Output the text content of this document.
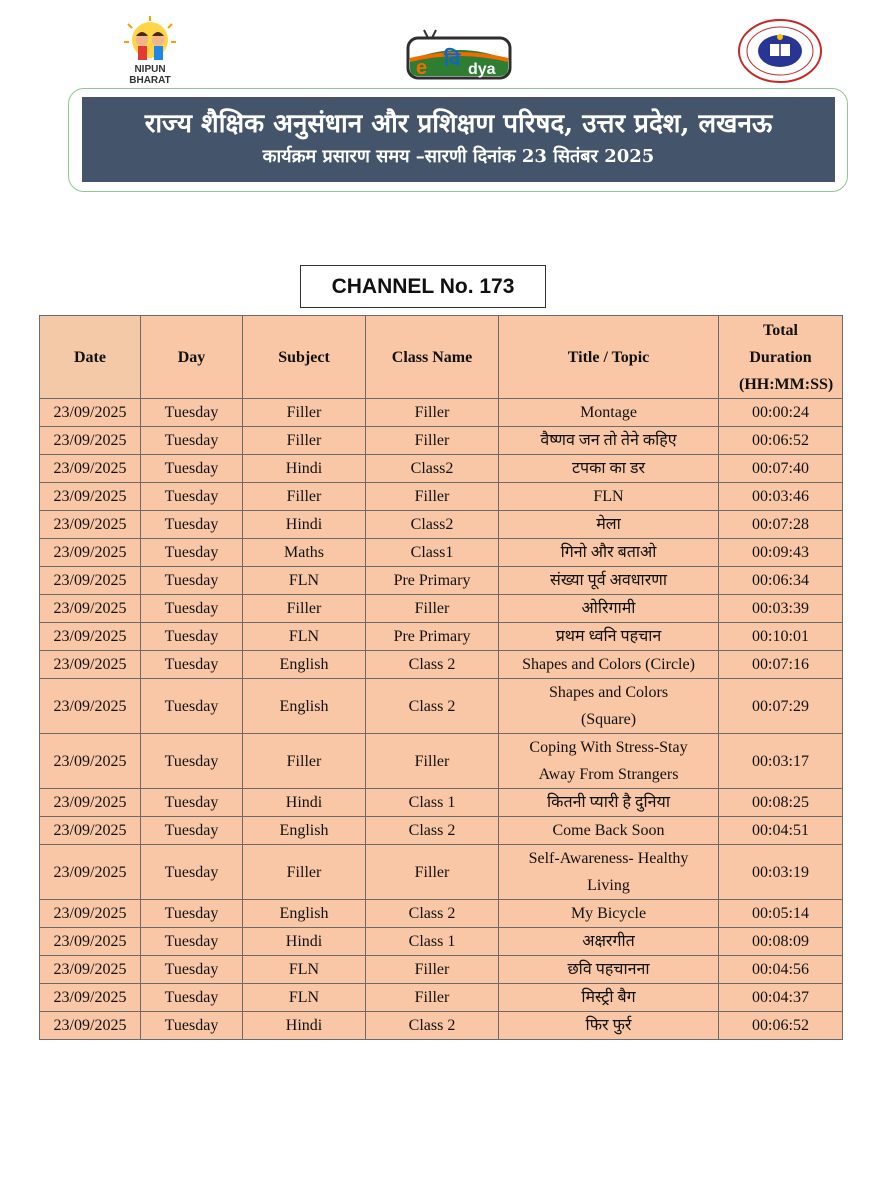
NIPUN
BHARAT
e वि dya
राज्य शैक्षिक अनुसंधान और प्रशिक्षण परिषद, उत्तर प्रदेश, लखनऊ
कार्यक्रम प्रसारण समय –सारणी दिनांक 23 सितंबर 2025
CHANNEL No. 173
Date	Day	Subject	Class Name	Title / Topic	Total Duration (HH:MM:SS)
23/09/2025	Tuesday	Filler	Filler	Montage	00:00:24
23/09/2025	Tuesday	Filler	Filler	वैष्णव जन तो तेने कहिए	00:06:52
23/09/2025	Tuesday	Hindi	Class2	टपका का डर	00:07:40
23/09/2025	Tuesday	Filler	Filler	FLN	00:03:46
23/09/2025	Tuesday	Hindi	Class2	मेला	00:07:28
23/09/2025	Tuesday	Maths	Class1	गिनो और बताओ	00:09:43
23/09/2025	Tuesday	FLN	Pre Primary	संख्या पूर्व अवधारणा	00:06:34
23/09/2025	Tuesday	Filler	Filler	ओरिगामी	00:03:39
23/09/2025	Tuesday	FLN	Pre Primary	प्रथम ध्वनि पहचान	00:10:01
23/09/2025	Tuesday	English	Class 2	Shapes and Colors (Circle)	00:07:16
23/09/2025	Tuesday	English	Class 2	Shapes and Colors
(Square)	00:07:29
23/09/2025	Tuesday	Filler	Filler	Coping With Stress-Stay
Away From Strangers	00:03:17
23/09/2025	Tuesday	Hindi	Class 1	कितनी प्यारी है दुनिया	00:08:25
23/09/2025	Tuesday	English	Class 2	Come Back Soon	00:04:51
23/09/2025	Tuesday	Filler	Filler	Self-Awareness- Healthy
Living	00:03:19
23/09/2025	Tuesday	English	Class 2	My Bicycle	00:05:14
23/09/2025	Tuesday	Hindi	Class 1	अक्षरगीत	00:08:09
23/09/2025	Tuesday	FLN	Filler	छवि पहचानना	00:04:56
23/09/2025	Tuesday	FLN	Filler	मिस्ट्री बैग	00:04:37
23/09/2025	Tuesday	Hindi	Class 2	फिर फुर्र	00:06:52
